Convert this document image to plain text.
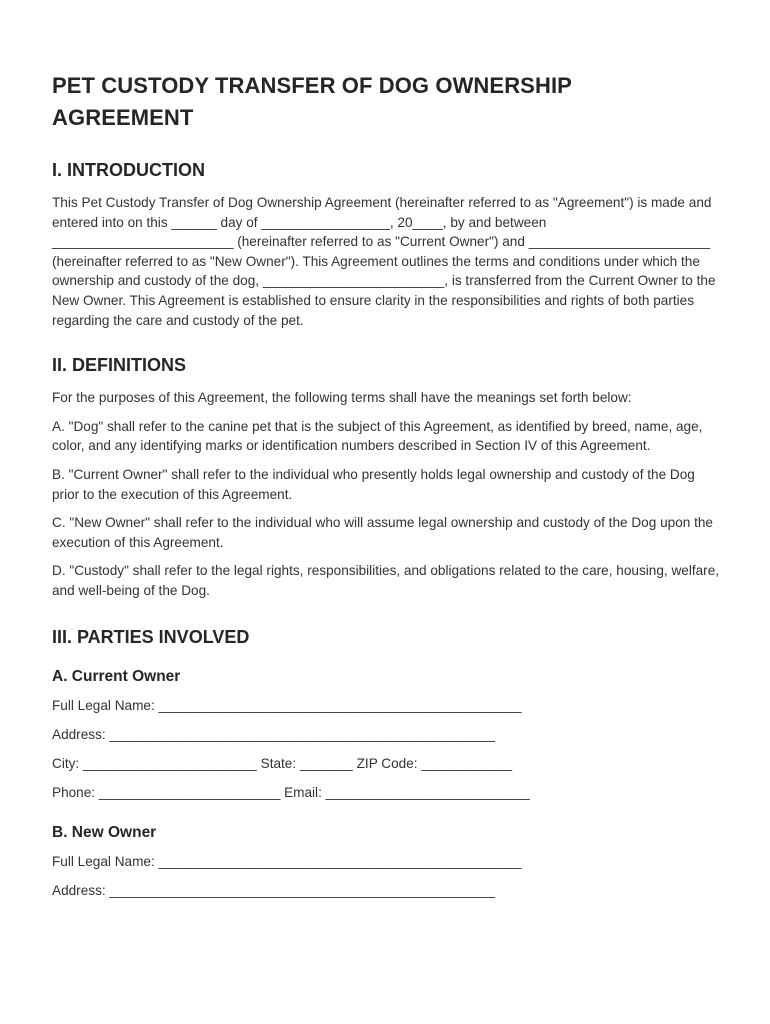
PET CUSTODY TRANSFER OF DOG OWNERSHIP
AGREEMENT
I. INTRODUCTION

This Pet Custody Transfer of Dog Ownership Agreement (hereinafter referred to as "Agreement") is made and entered into on this ______ day of _________________, 20____, by and between ________________________ (hereinafter referred to as "Current Owner") and ________________________ (hereinafter referred to as "New Owner"). This Agreement outlines the terms and conditions under which the ownership and custody of the dog, ________________________, is transferred from the Current Owner to the New Owner. This Agreement is established to ensure clarity in the responsibilities and rights of both parties regarding the care and custody of the pet.

II. DEFINITIONS

For the purposes of this Agreement, the following terms shall have the meanings set forth below:

A. "Dog" shall refer to the canine pet that is the subject of this Agreement, as identified by breed, name, age, color, and any identifying marks or identification numbers described in Section IV of this Agreement.

B. "Current Owner" shall refer to the individual who presently holds legal ownership and custody of the Dog prior to the execution of this Agreement.

C. "New Owner" shall refer to the individual who will assume legal ownership and custody of the Dog upon the execution of this Agreement.

D. "Custody" shall refer to the legal rights, responsibilities, and obligations related to the care, housing, welfare, and well-being of the Dog.

III. PARTIES INVOLVED
A. Current Owner
Full Legal Name: ________________________________________________
Address: ___________________________________________________
City: _______________________ State: _______ ZIP Code: ____________
Phone: ________________________ Email: ___________________________
B. New Owner
Full Legal Name: ________________________________________________
Address: ___________________________________________________
